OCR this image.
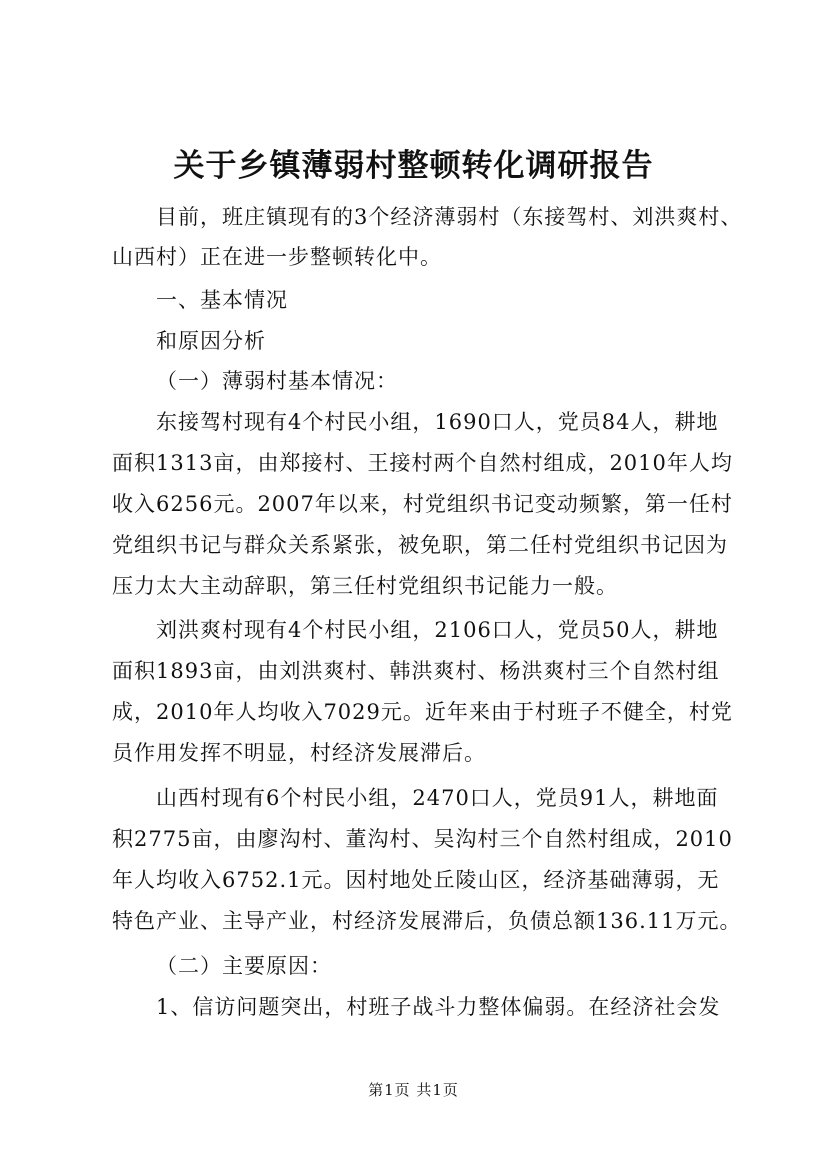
关于乡镇薄弱村整顿转化调研报告
目前，班庄镇现有的3个经济薄弱村（东接驾村、刘洪爽村、
山西村）正在进一步整顿转化中。
一、基本情况
和原因分析
（一）薄弱村基本情况：
东接驾村现有4个村民小组，1690口人，党员84人，耕地
面积1313亩，由郑接村、王接村两个自然村组成，2010年人均
收入6256元。2007年以来，村党组织书记变动频繁，第一任村
党组织书记与群众关系紧张，被免职，第二任村党组织书记因为
压力太大主动辞职，第三任村党组织书记能力一般。
刘洪爽村现有4个村民小组，2106口人，党员50人，耕地
面积1893亩，由刘洪爽村、韩洪爽村、杨洪爽村三个自然村组
成，2010年人均收入7029元。近年来由于村班子不健全，村党
员作用发挥不明显，村经济发展滞后。
山西村现有6个村民小组，2470口人，党员91人，耕地面
积2775亩，由廖沟村、董沟村、吴沟村三个自然村组成，2010
年人均收入6752.1元。因村地处丘陵山区，经济基础薄弱，无
特色产业、主导产业，村经济发展滞后，负债总额136.11万元。
（二）主要原因：
1、信访问题突出，村班子战斗力整体偏弱。在经济社会发
第1页 共1页
